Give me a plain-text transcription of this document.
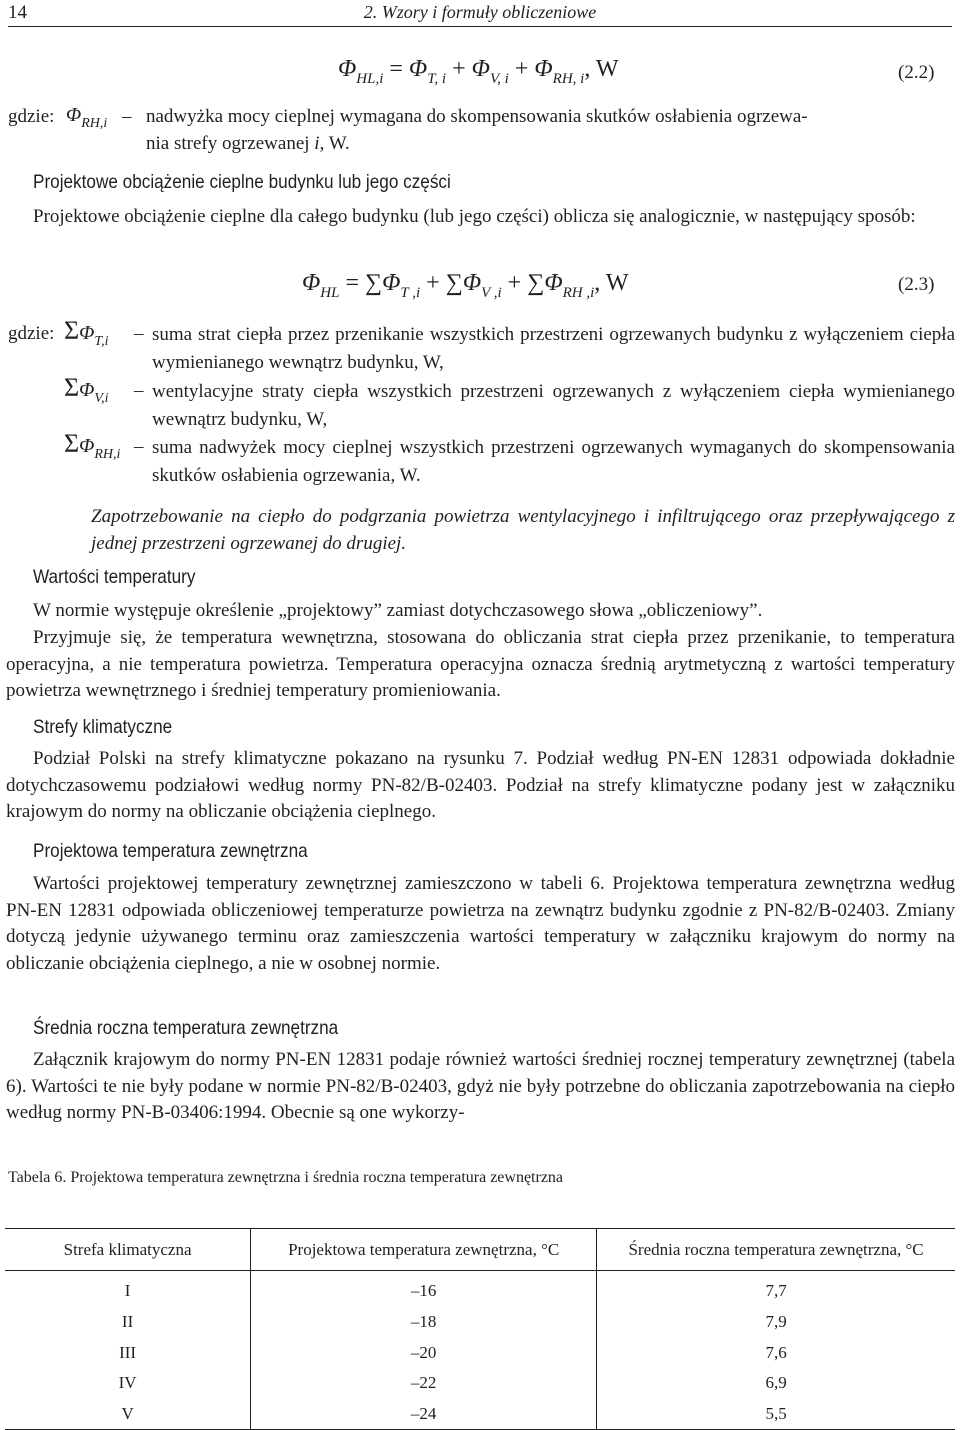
14	2. Wzory i formuły obliczeniowe
$\Phi_{HL,i} = \Phi_{T, i} + \Phi_{V, i} + \Phi_{RH, i}$, W	(2.2)
gdzie: $\Phi_{RH,i}$ – nadwyżka mocy cieplnej wymagana do skompensowania skutków osłabienia ogrzewa-
nia strefy ogrzewanej i, W.
Projektowe obciążenie cieplne budynku lub jego części
Projektowe obciążenie cieplne dla całego budynku (lub jego części) oblicza się analogicznie, w następujący sposób:
$\Phi_{HL} = \sum\Phi_{T ,i} + \sum\Phi_{V ,i} + \sum\Phi_{RH ,i}$, W	(2.3)
gdzie: $\Sigma\Phi_{T,i}$ – suma strat ciepła przez przenikanie wszystkich przestrzeni ogrzewanych budynku z wyłączeniem ciepła wymienianego wewnątrz budynku, W,
$\Sigma\Phi_{V,i}$ – wentylacyjne straty ciepła wszystkich przestrzeni ogrzewanych z wyłączeniem ciepła wymienianego wewnątrz budynku, W,
$\Sigma\Phi_{RH,i}$ – suma nadwyżek mocy cieplnej wszystkich przestrzeni ogrzewanych wymaganych do skompensowania skutków osłabienia ogrzewania, W.
Zapotrzebowanie na ciepło do podgrzania powietrza wentylacyjnego i infiltrującego oraz przepływającego z jednej przestrzeni ogrzewanej do drugiej.
Wartości temperatury
W normie występuje określenie „projektowy” zamiast dotychczasowego słowa „obliczeniowy”.
Przyjmuje się, że temperatura wewnętrzna, stosowana do obliczania strat ciepła przez przenikanie, to temperatura operacyjna, a nie temperatura powietrza. Temperatura operacyjna oznacza średnią arytmetyczną z wartości temperatury powietrza wewnętrznego i średniej temperatury promieniowania.
Strefy klimatyczne
Podział Polski na strefy klimatyczne pokazano na rysunku 7. Podział według PN-EN 12831 odpowiada dokładnie dotychczasowemu podziałowi według normy PN-82/B-02403. Podział na strefy klimatyczne podany jest w załączniku krajowym do normy na obliczanie obciążenia cieplnego.
Projektowa temperatura zewnętrzna
Wartości projektowej temperatury zewnętrznej zamieszczono w tabeli 6. Projektowa temperatura zewnętrzna według PN-EN 12831 odpowiada obliczeniowej temperaturze powietrza na zewnątrz budynku zgodnie z PN-82/B-02403. Zmiany dotyczą jedynie używanego terminu oraz zamieszczenia wartości temperatury w załączniku krajowym do normy na obliczanie obciążenia cieplnego, a nie w osobnej normie.
Średnia roczna temperatura zewnętrzna
Załącznik krajowym do normy PN-EN 12831 podaje również wartości średniej rocznej temperatury zewnętrznej (tabela 6). Wartości te nie były podane w normie PN-82/B-02403, gdyż nie były potrzebne do obliczania zapotrzebowania na ciepło według normy PN-B-03406:1994. Obecnie są one wykorzy-
Tabela 6. Projektowa temperatura zewnętrzna i średnia roczna temperatura zewnętrzna
Strefa klimatyczna	Projektowa temperatura zewnętrzna, °C	Średnia roczna temperatura zewnętrzna, °C
I	–16	7,7
II	–18	7,9
III	–20	7,6
IV	–22	6,9
V	–24	5,5
